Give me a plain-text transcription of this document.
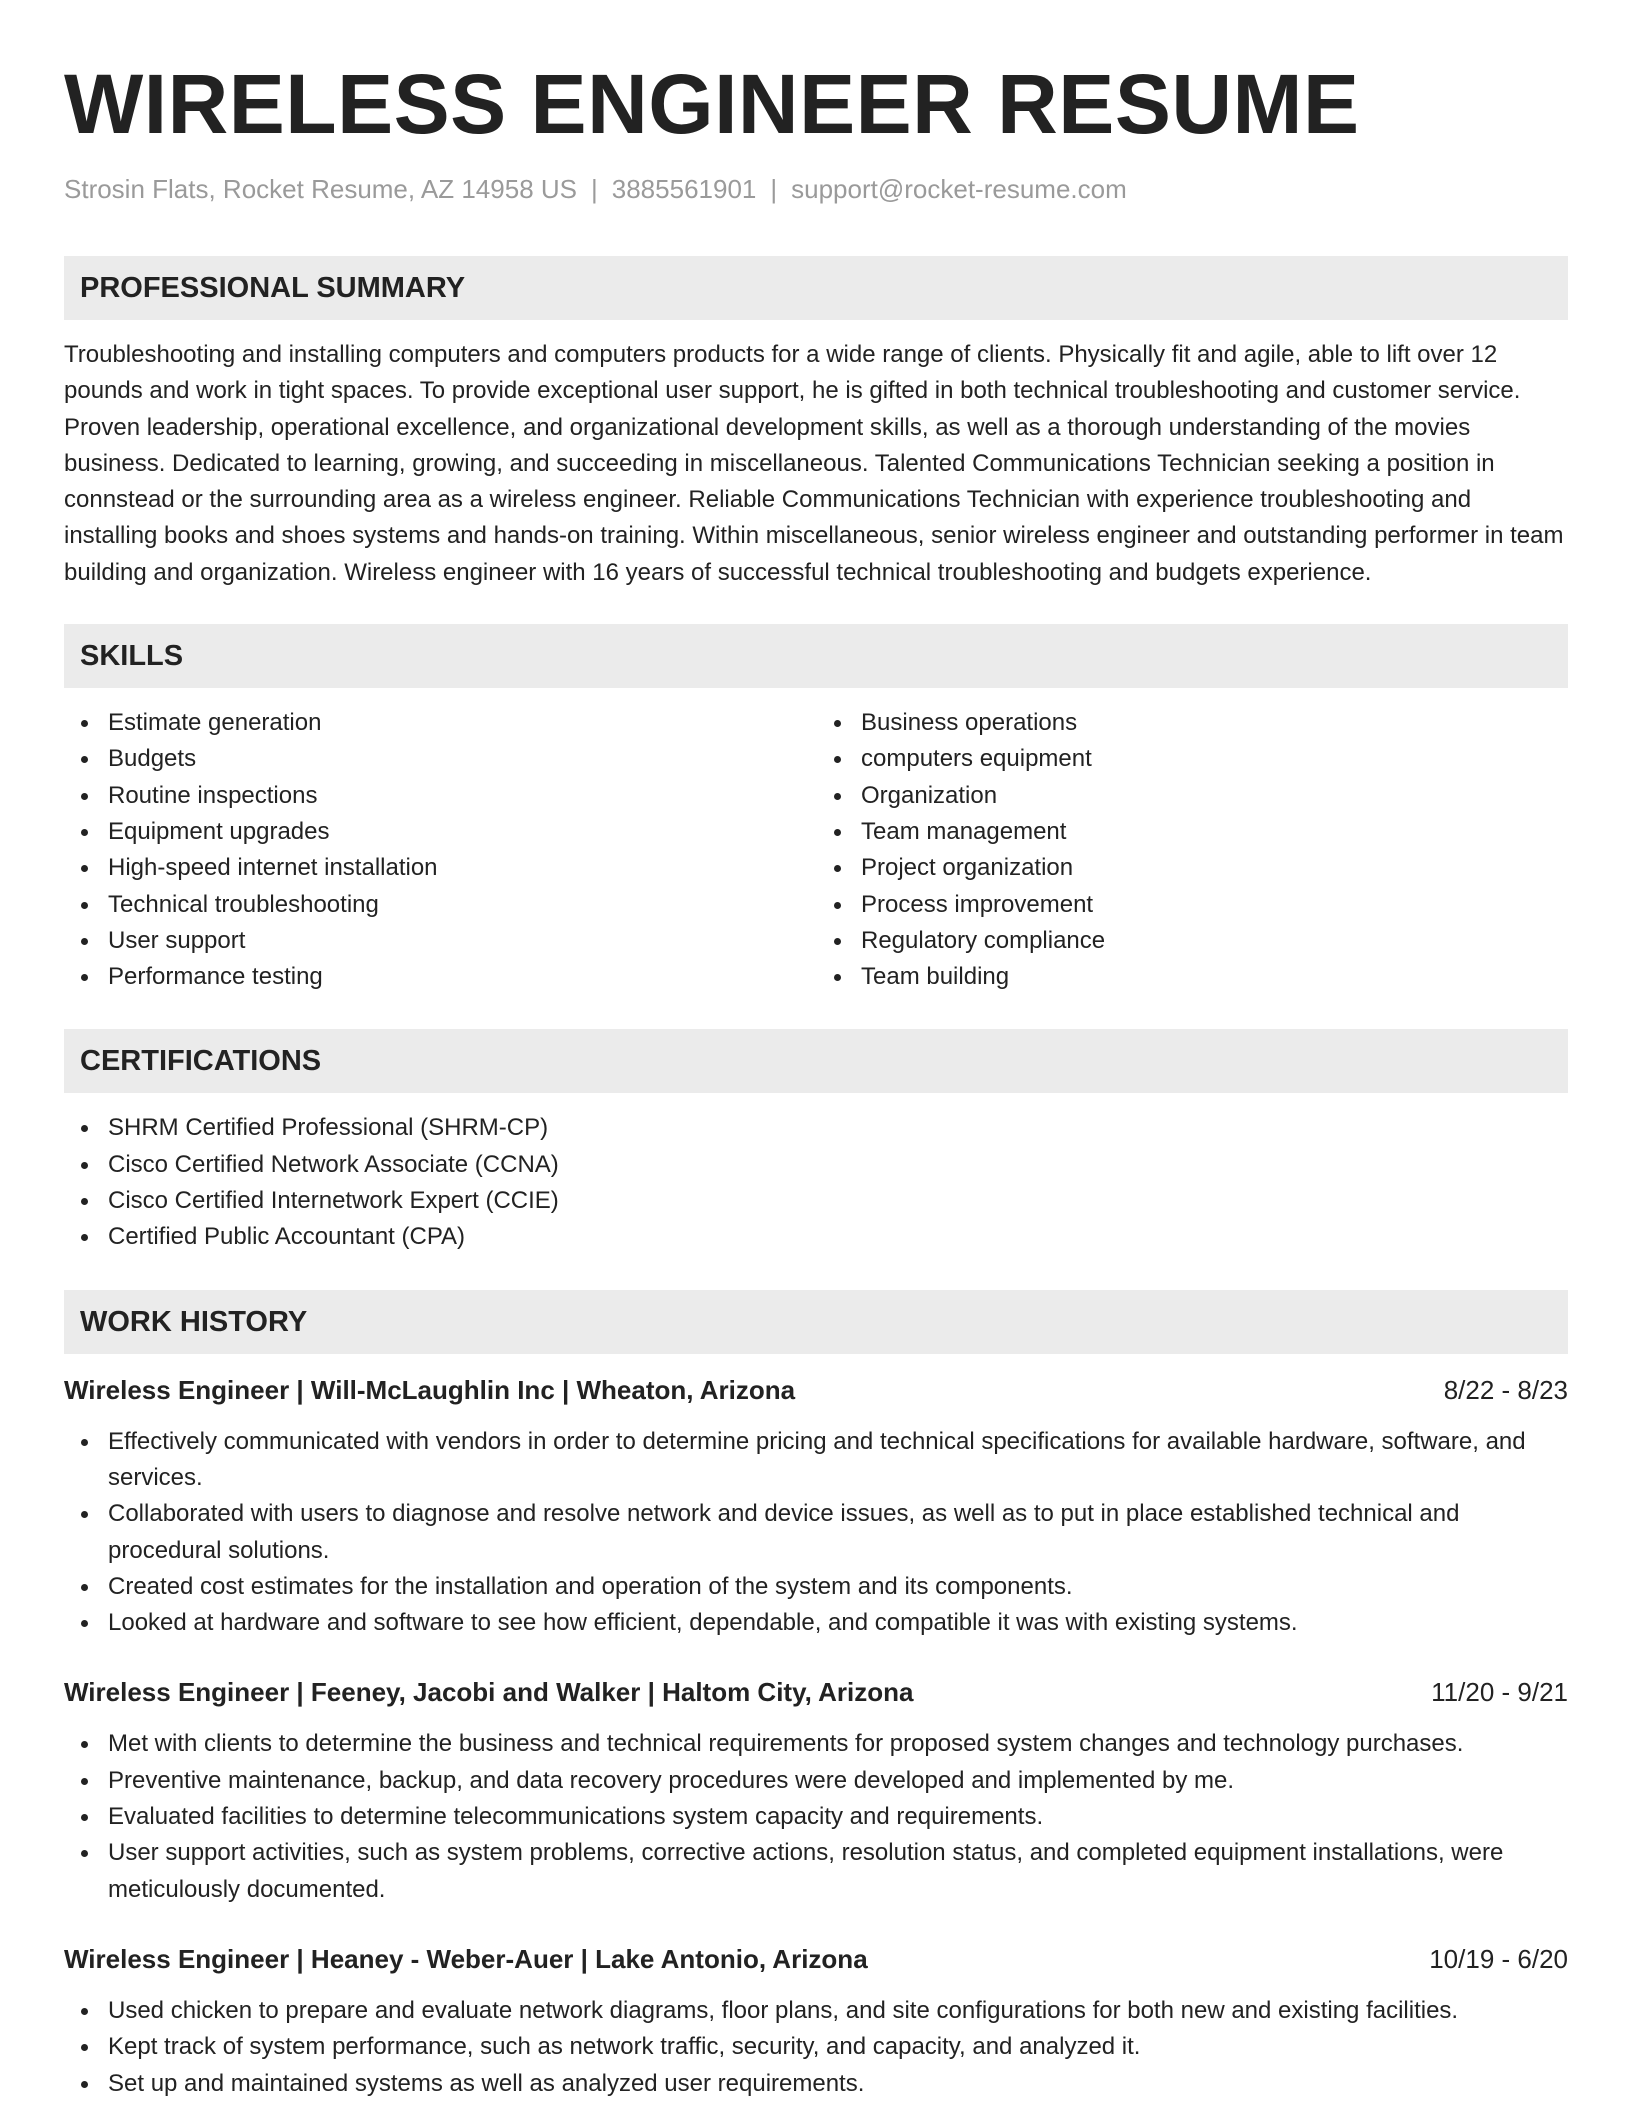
WIRELESS ENGINEER RESUME
Strosin Flats, Rocket Resume, AZ 14958 US | 3885561901 | support@rocket-resume.com
PROFESSIONAL SUMMARY

Troubleshooting and installing computers and computers products for a wide range of clients. Physically fit and agile, able to lift over 12 pounds and work in tight spaces. To provide exceptional user support, he is gifted in both technical troubleshooting and customer service. Proven leadership, operational excellence, and organizational development skills, as well as a thorough understanding of the movies business. Dedicated to learning, growing, and succeeding in miscellaneous. Talented Communications Technician seeking a position in connstead or the surrounding area as a wireless engineer. Reliable Communications Technician with experience troubleshooting and installing books and shoes systems and hands-on training. Within miscellaneous, senior wireless engineer and outstanding performer in team building and organization. Wireless engineer with 16 years of successful technical troubleshooting and budgets experience.

SKILLS
Estimate generation
Budgets
Routine inspections
Equipment upgrades
High-speed internet installation
Technical troubleshooting
User support
Performance testing
Business operations
computers equipment
Organization
Team management
Project organization
Process improvement
Regulatory compliance
Team building
CERTIFICATIONS
SHRM Certified Professional (SHRM-CP)
Cisco Certified Network Associate (CCNA)
Cisco Certified Internetwork Expert (CCIE)
Certified Public Accountant (CPA)
WORK HISTORY
Wireless Engineer | Will-McLaughlin Inc | Wheaton, Arizona	8/22 - 8/23
Effectively communicated with vendors in order to determine pricing and technical specifications for available hardware, software, and services.
Collaborated with users to diagnose and resolve network and device issues, as well as to put in place established technical and procedural solutions.
Created cost estimates for the installation and operation of the system and its components.
Looked at hardware and software to see how efficient, dependable, and compatible it was with existing systems.
Wireless Engineer | Feeney, Jacobi and Walker | Haltom City, Arizona	11/20 - 9/21
Met with clients to determine the business and technical requirements for proposed system changes and technology purchases.
Preventive maintenance, backup, and data recovery procedures were developed and implemented by me.
Evaluated facilities to determine telecommunications system capacity and requirements.
User support activities, such as system problems, corrective actions, resolution status, and completed equipment installations, were meticulously documented.
Wireless Engineer | Heaney - Weber-Auer | Lake Antonio, Arizona	10/19 - 6/20
Used chicken to prepare and evaluate network diagrams, floor plans, and site configurations for both new and existing facilities.
Kept track of system performance, such as network traffic, security, and capacity, and analyzed it.
Set up and maintained systems as well as analyzed user requirements.
